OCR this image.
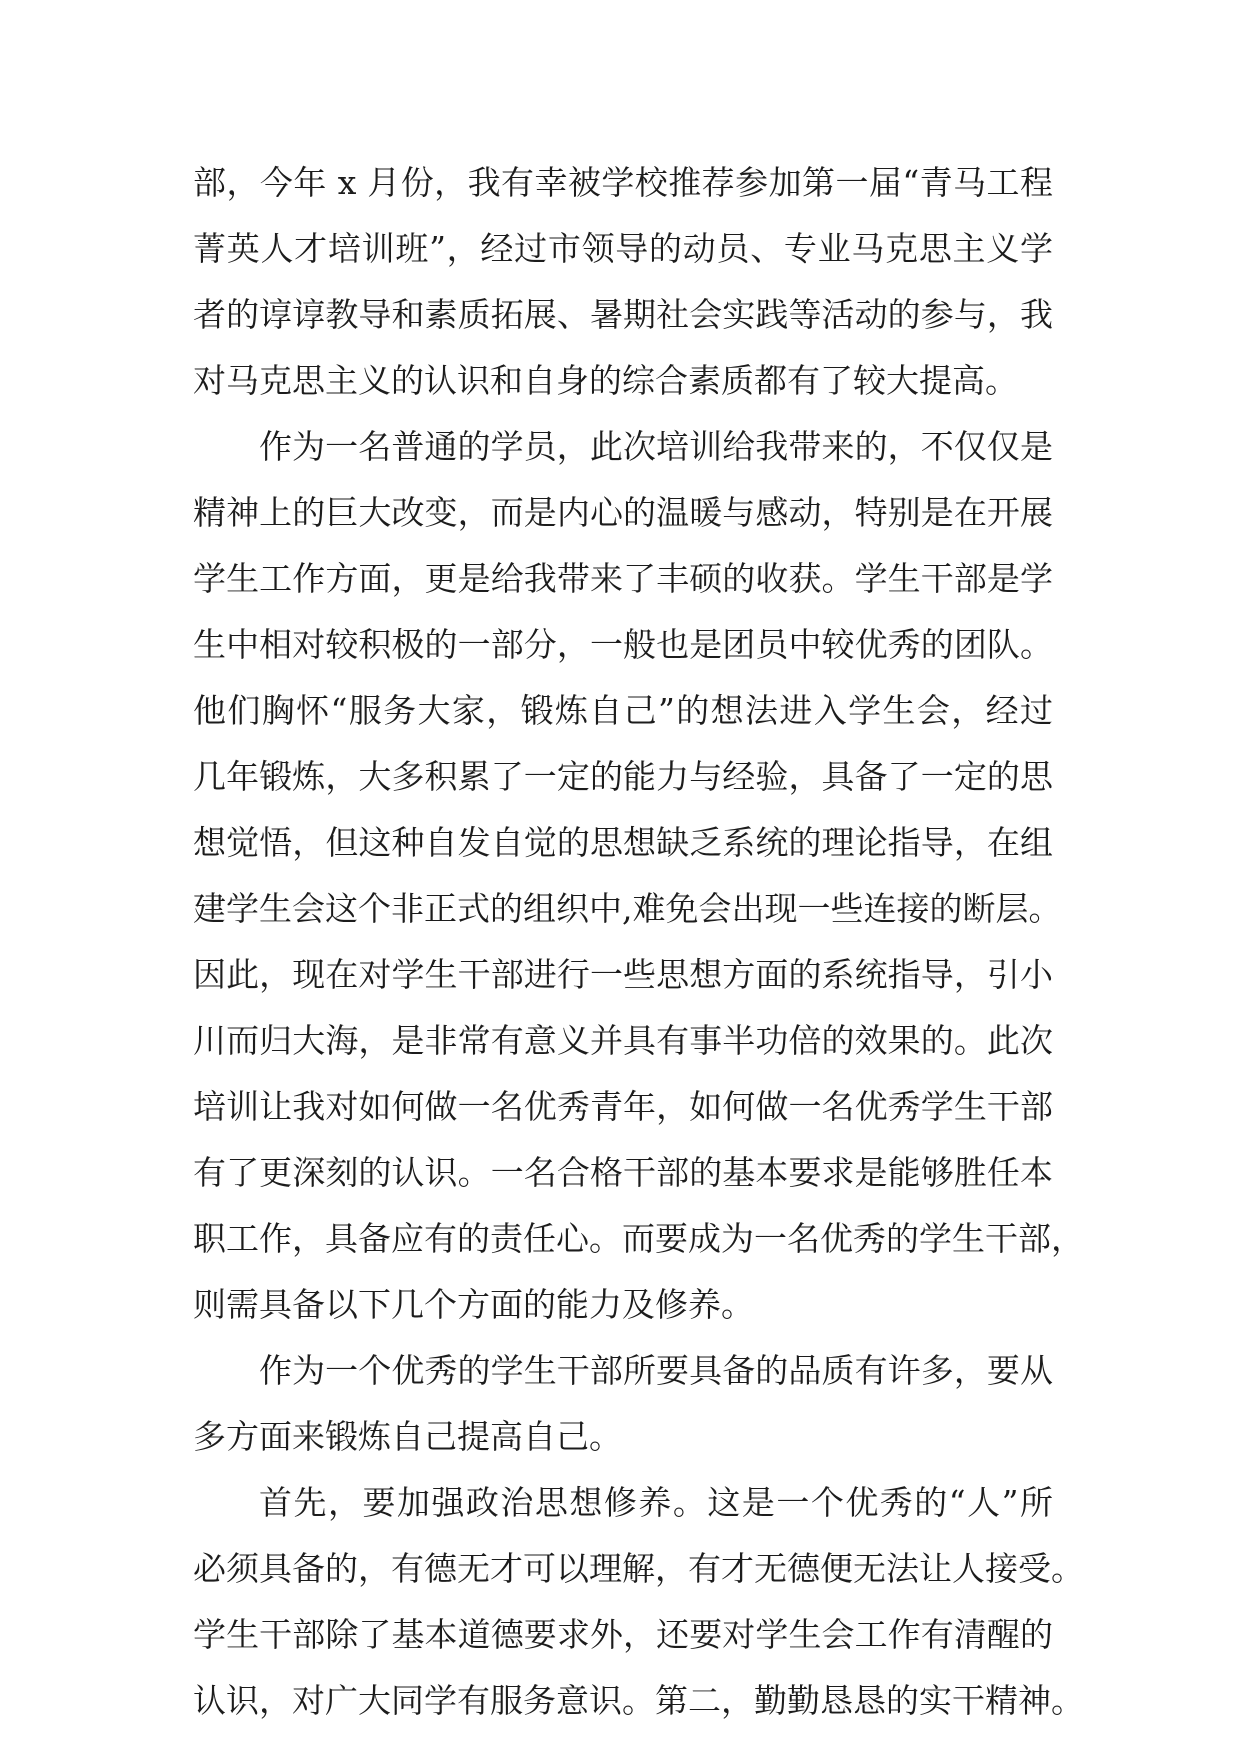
部，今年 x 月份，我有幸被学校推荐参加第一届“青马工程
菁英人才培训班”，经过市领导的动员、专业马克思主义学
者的谆谆教导和素质拓展、暑期社会实践等活动的参与，我
对马克思主义的认识和自身的综合素质都有了较大提高。
作为一名普通的学员，此次培训给我带来的，不仅仅是
精神上的巨大改变，而是内心的温暖与感动，特别是在开展
学生工作方面，更是给我带来了丰硕的收获。学生干部是学
生中相对较积极的一部分，一般也是团员中较优秀的团队。
他们胸怀“服务大家，锻炼自己”的想法进入学生会，经过
几年锻炼，大多积累了一定的能力与经验，具备了一定的思
想觉悟，但这种自发自觉的思想缺乏系统的理论指导，在组
建学生会这个非正式的组织中,难免会出现一些连接的断层。
因此，现在对学生干部进行一些思想方面的系统指导，引小
川而归大海，是非常有意义并具有事半功倍的效果的。此次
培训让我对如何做一名优秀青年，如何做一名优秀学生干部
有了更深刻的认识。一名合格干部的基本要求是能够胜任本
职工作，具备应有的责任心。而要成为一名优秀的学生干部，
则需具备以下几个方面的能力及修养。
作为一个优秀的学生干部所要具备的品质有许多，要从
多方面来锻炼自己提高自己。
首先，要加强政治思想修养。这是一个优秀的“人”所
必须具备的，有德无才可以理解，有才无德便无法让人接受。
学生干部除了基本道德要求外，还要对学生会工作有清醒的
认识，对广大同学有服务意识。第二，勤勤恳恳的实干精神。
